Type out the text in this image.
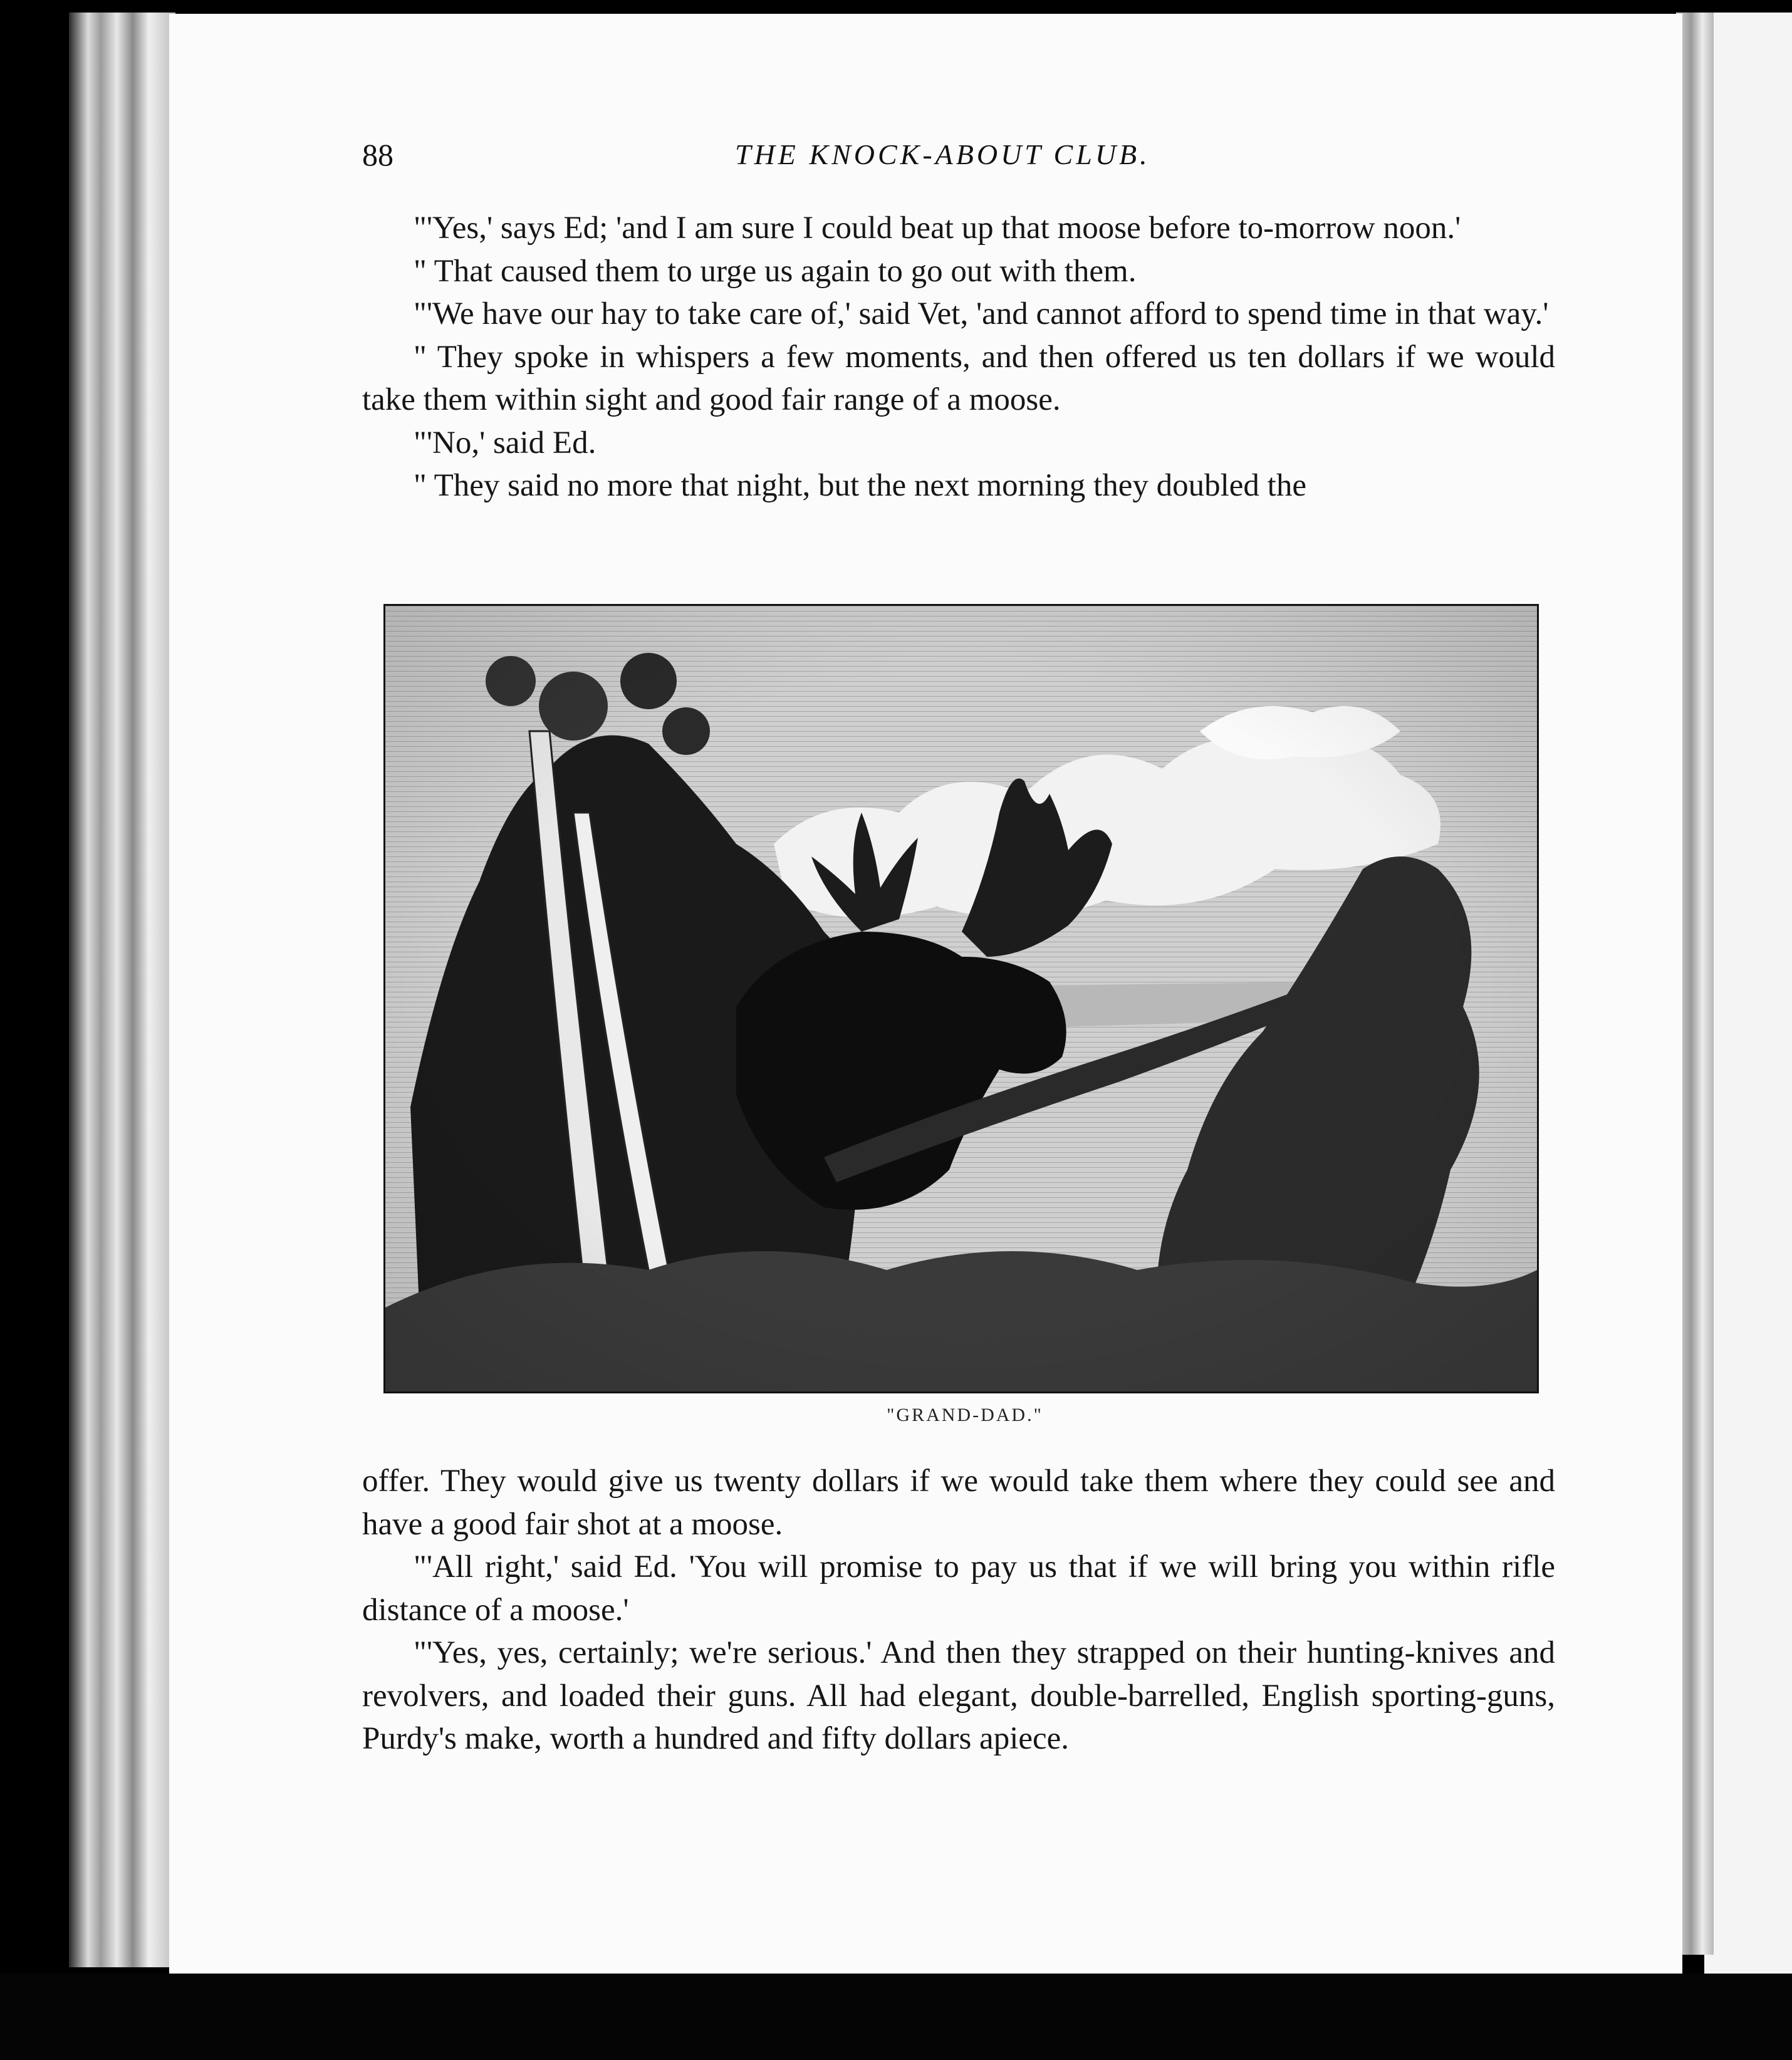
88	THE KNOCK-ABOUT CLUB.

"'Yes,' says Ed; 'and I am sure I could beat up that moose before to-morrow noon.'

" That caused them to urge us again to go out with them.

"'We have our hay to take care of,' said Vet, 'and cannot afford to spend time in that way.'

" They spoke in whispers a few moments, and then offered us ten dollars if we would take them within sight and good fair range of a moose.

"'No,' said Ed.

" They said no more that night, but the next morning they doubled the

"GRAND-DAD."

offer. They would give us twenty dollars if we would take them where they could see and have a good fair shot at a moose.

"'All right,' said Ed. 'You will promise to pay us that if we will bring you within rifle distance of a moose.'

"'Yes, yes, certainly; we're serious.' And then they strapped on their hunting-knives and revolvers, and loaded their guns. All had elegant, double-barrelled, English sporting-guns, Purdy's make, worth a hundred and fifty dollars apiece.
